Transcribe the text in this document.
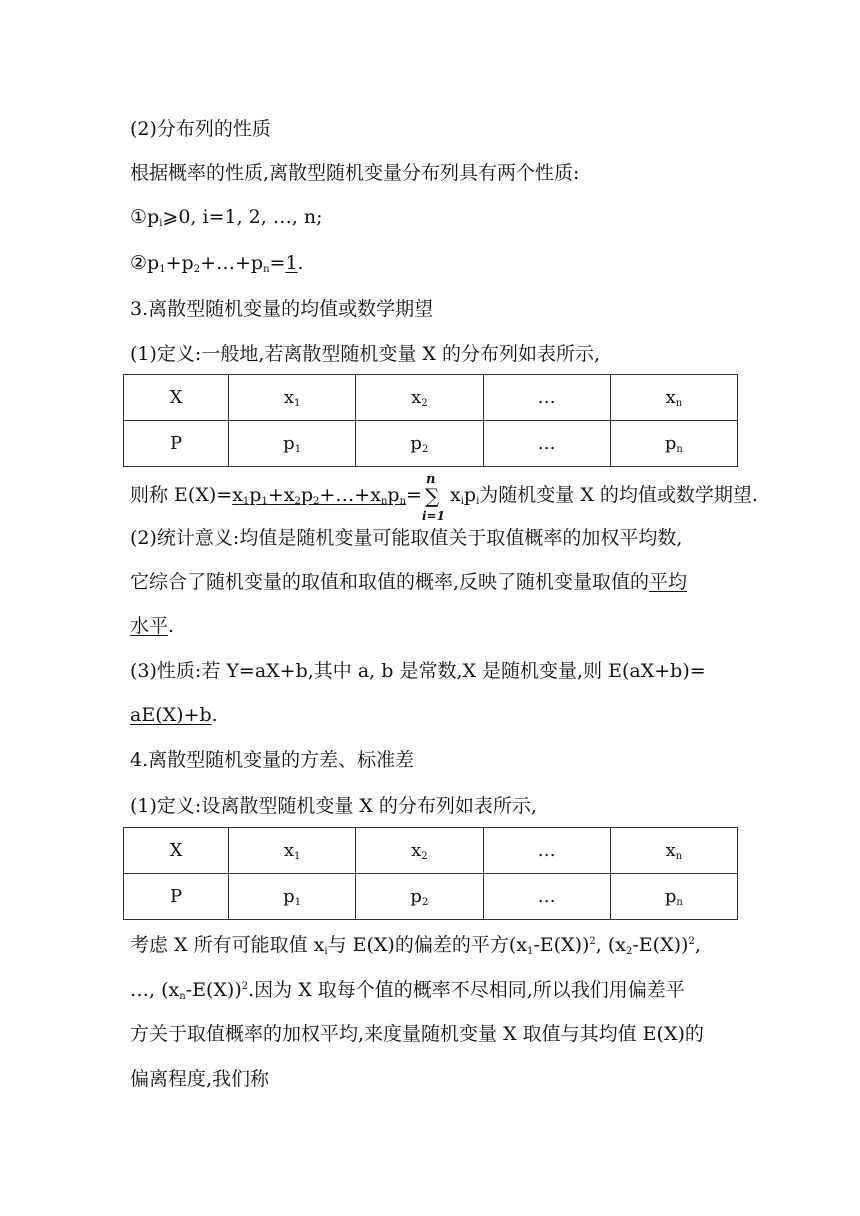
(2)分布列的性质
根据概率的性质,离散型随机变量分布列具有两个性质:
$①p_i⩾0$, i=1, 2, …, n;
$②p_1+p_2+\dots+p_n=1$.
3.离散型随机变量的均值或数学期望
(1)定义:一般地,若离散型随机变量 X 的分布列如表所示,
X	$x_1$	$x_2$	…	$x_n$
P	$p_1$	$p_2$	…	$p_n$
则称 $E(X)=x_1p_1+x_2p_2+\dots+x_np_n=$
n
∑
i=1
$x_ip_i$为随机变量 X 的均值或数学期望.
(2)统计意义:均值是随机变量可能取值关于取值概率的加权平均数,
它综合了随机变量的取值和取值的概率,反映了随机变量取值的平均
水平.
(3)性质:若 Y=aX+b,其中 a, b 是常数,X 是随机变量,则 E(aX+b)=
aE(X)+b.
4.离散型随机变量的方差、标准差
(1)定义:设离散型随机变量 X 的分布列如表所示,
X	$x_1$	$x_2$	…	$x_n$
P	$p_1$	$p_2$	…	$p_n$
考虑 X 所有可能取值 $x_i$与 E(X)的偏差的平方$(x_1-E(X))^2$, $(x_2-E(X))^2$,
…, $(x_n-E(X))^2$.因为 X 取每个值的概率不尽相同,所以我们用偏差平
方关于取值概率的加权平均,来度量随机变量 X 取值与其均值 E(X)的
偏离程度,我们称
